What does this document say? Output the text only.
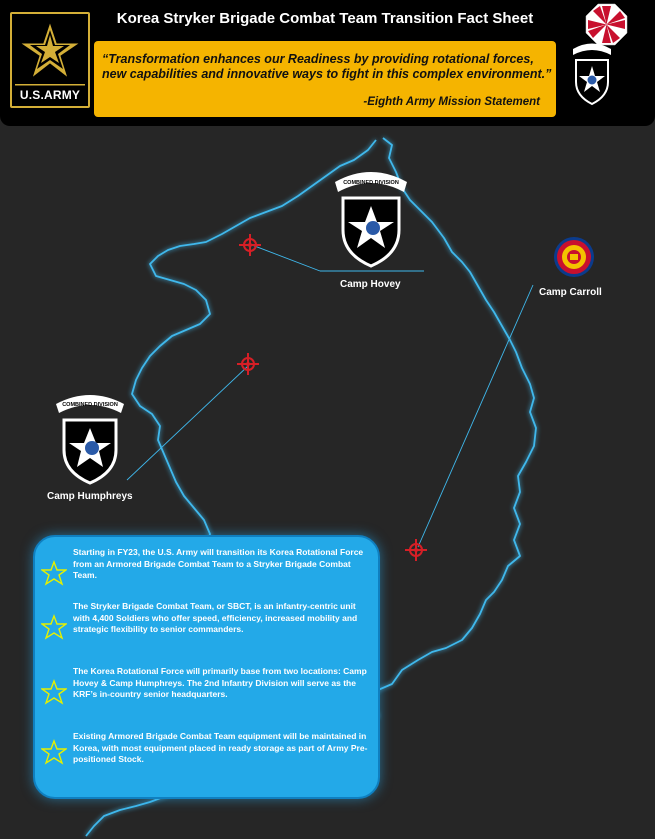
U.S.ARMY
Korea Stryker Brigade Combat Team Transition Fact Sheet
“Transformation enhances our Readiness by providing rotational forces, new capabilities and innovative ways to fight in this complex environment.”
-Eighth Army Mission Statement
COMBINED DIVISION
COMBINED DIVISION
Camp Hovey
Camp Carroll
Camp Humphreys
Starting in FY23, the U.S. Army will transition its Korea Rotational Force from an Armored Brigade Combat Team to a Stryker Brigade Combat Team.
The Stryker Brigade Combat Team, or SBCT, is an infantry-centric unit with 4,400 Soldiers who offer speed, efficiency, increased mobility and strategic flexibility to senior commanders.
The Korea Rotational Force will primarily base from two locations: Camp Hovey & Camp Humphreys. The 2nd Infantry Division will serve as the KRF’s in-country senior headquarters.
Existing Armored Brigade Combat Team equipment will be maintained in Korea, with most equipment placed in ready storage as part of Army Pre-positioned Stock.
